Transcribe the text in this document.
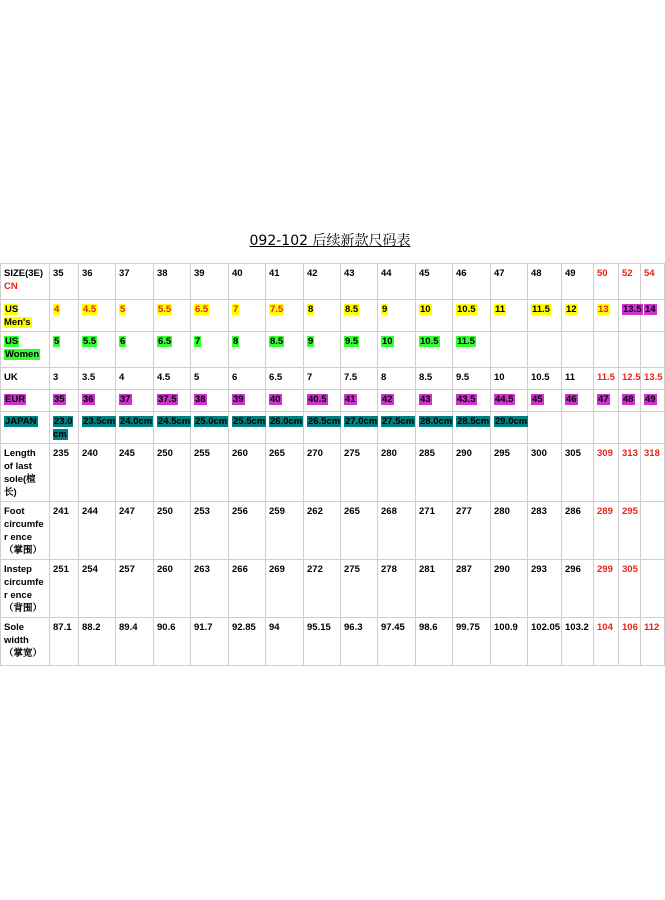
092-102 后续新款尺码表
SIZE(3E)
CN	35	36	37	38	39	40	41	42	43	44	45	46	47	48	49	50	52	54
US Men's	4	4.5	5	5.5	6.5	7	7.5	8	8.5	9	10	10.5	11	11.5	12	13	13.5	14
US
Women	5	5.5	6	6.5	7	8	8.5	9	9.5	10	10.5	11.5						
UK	3	3.5	4	4.5	5	6	6.5	7	7.5	8	8.5	9.5	10	10.5	11	11.5	12.5	13.5
EUR	35	36	37	37.5	38	39	40	40.5	41	42	43	43.5	44.5	45	46	47	48	49
JAPAN	23.0 cm	23.5cm	24.0cm	24.5cm	25.0cm	25.5cm	26.0cm	26.5cm	27.0cm	27.5cm	28.0cm	28.5cm	29.0cm					
Length of last sole(楦长)	235	240	245	250	255	260	265	270	275	280	285	290	295	300	305	309	313	318
Foot circumfer ence （掌围）	241	244	247	250	253	256	259	262	265	268	271	277	280	283	286	289	295	
Instep circumfer ence （背围）	251	254	257	260	263	266	269	272	275	278	281	287	290	293	296	299	305	
Sole width （掌宽）	87.1	88.2	89.4	90.6	91.7	92.85	94	95.15	96.3	97.45	98.6	99.75	100.9	102.05	103.2	104	106	112
